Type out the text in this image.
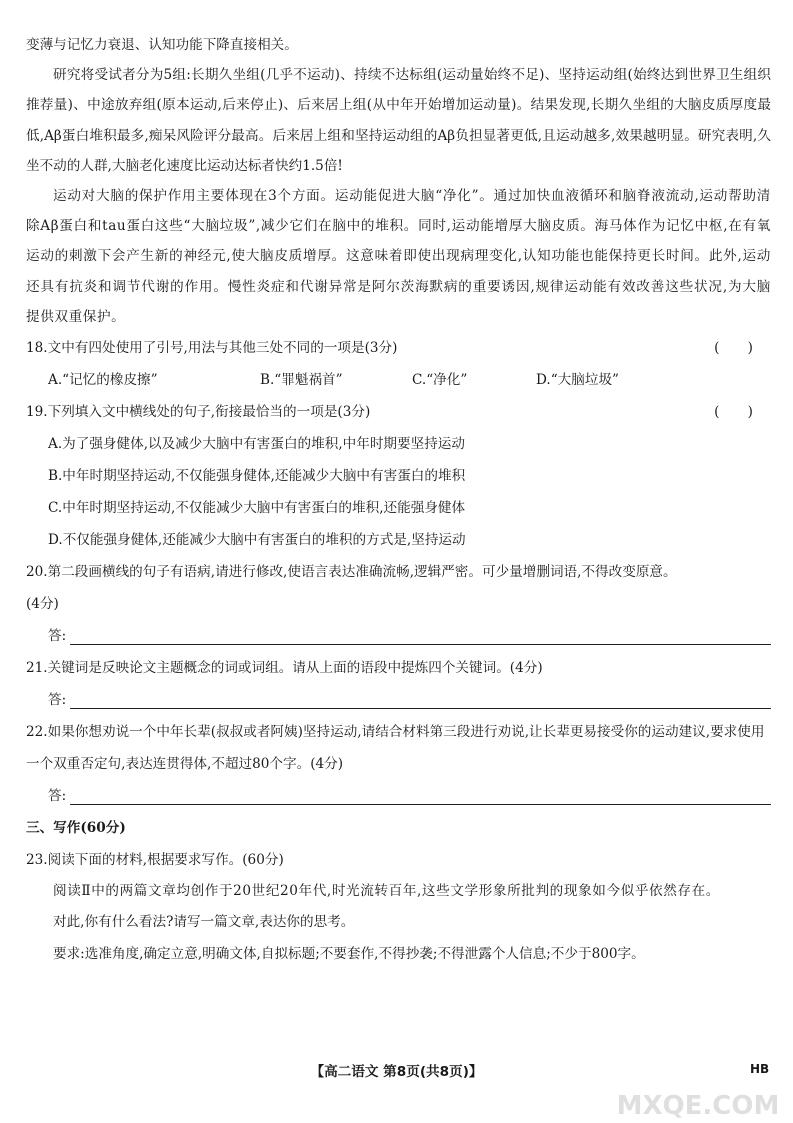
变薄与记忆力衰退、认知功能下降直接相关。

研究将受试者分为5组:长期久坐组(几乎不运动)、持续不达标组(运动量始终不足)、坚持运动组(始终达到世界卫生组织推荐量)、中途放弃组(原本运动,后来停止)、后来居上组(从中年开始增加运动量)。结果发现,长期久坐组的大脑皮质厚度最低,Aβ蛋白堆积最多,痴呆风险评分最高。后来居上组和坚持运动组的Aβ负担显著更低,且运动越多,效果越明显。研究表明,久坐不动的人群,大脑老化速度比运动达标者快约1.5倍!

运动对大脑的保护作用主要体现在3个方面。运动能促进大脑“净化”。通过加快血液循环和脑脊液流动,运动帮助清除Aβ蛋白和tau蛋白这些“大脑垃圾”,减少它们在脑中的堆积。同时,运动能增厚大脑皮质。海马体作为记忆中枢,在有氧运动的刺激下会产生新的神经元,使大脑皮质增厚。这意味着即使出现病理变化,认知功能也能保持更长时间。此外,运动还具有抗炎和调节代谢的作用。慢性炎症和代谢异常是阿尔茨海默病的重要诱因,规律运动能有效改善这些状况,为大脑提供双重保护。

18.文中有四处使用了引号,用法与其他三处不同的一项是(3分)	( )
A.“记忆的橡皮擦”	B.“罪魁祸首”	C.“净化”	D.“大脑垃圾”
19.下列填入文中横线处的句子,衔接最恰当的一项是(3分)	( )

A.为了强身健体,以及减少大脑中有害蛋白的堆积,中年时期要坚持运动

B.中年时期坚持运动,不仅能强身健体,还能减少大脑中有害蛋白的堆积

C.中年时期坚持运动,不仅能减少大脑中有害蛋白的堆积,还能强身健体

D.不仅能强身健体,还能减少大脑中有害蛋白的堆积的方式是,坚持运动

20.第二段画横线的句子有语病,请进行修改,使语言表达准确流畅,逻辑严密。可少量增删词语,不得改变原意。

(4分)

答:

21.关键词是反映论文主题概念的词或词组。请从上面的语段中提炼四个关键词。(4分)

答:

22.如果你想劝说一个中年长辈(叔叔或者阿姨)坚持运动,请结合材料第三段进行劝说,让长辈更易接受你的运动建议,要求使用一个双重否定句,表达连贯得体,不超过80个字。(4分)

答:

三、写作(60分)

23.阅读下面的材料,根据要求写作。(60分)

阅读Ⅱ中的两篇文章均创作于20世纪20年代,时光流转百年,这些文学形象所批判的现象如今似乎依然存在。

对此,你有什么看法?请写一篇文章,表达你的思考。

要求:选准角度,确定立意,明确文体,自拟标题;不要套作,不得抄袭;不得泄露个人信息;不少于800字。

【高二语文 第8页(共8页)】	HB
MXQE.COM
